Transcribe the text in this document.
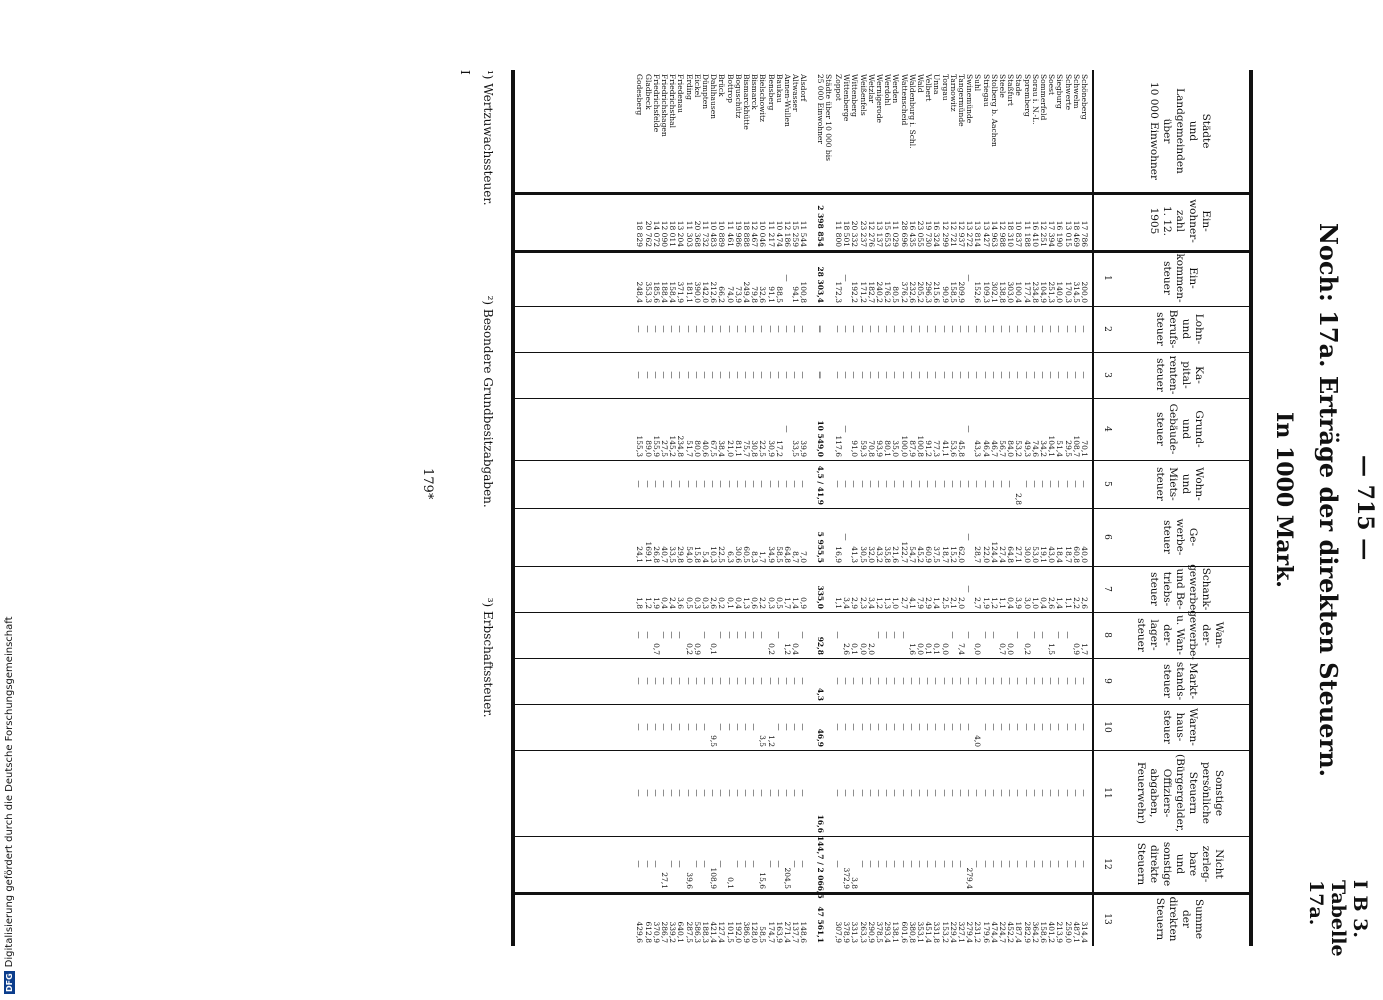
— 715 —
I B 3. Tabelle 17a.
Noch: 17a. Erträge der direkten Steuern.
In 1000 Mark.
Städte
und
Landgemeinden
über
10 000 Einwohner
Ein-
wohner-
zahl
1. 12. 1905
Ein-
kommen-
steuer
1
Lohn-
und
Berufs-
steuer
2
Ka-
pital-
renten-
steuer
3
Grund-
und
Gebäude-
steuer
4
Wohn-
und
Miets-
steuer
5
Ge-
werbe-
steuer
6
Schank-
gewerbe-
und Be-
triebs-
steuer
7
Wan-
der-
gewerbe-
u. Wan-
der-
lager-
steuer
8
Markt-
stands-
steuer
9
Waren-
haus-
steuer
10
Sonstige persönliche Steuern
(Bürgergelder, Offiziers-
abgaben, Feuerwehr)
11
Nicht
zerleg-
bare
und
sonstige
direkte
Steuern
12
Summe
der
direkten
Steuern
13
Schöneberg
17 786
200,0
—
—
70,1
—
40,0
2,6
1,7
—
—
—
—
314,4
Schwelm
18 469
314,5
—
—
108,7
—
60,8
2,2
0,9
—
—
—
—
487,1
Schwerte
13 015
170,3
—
—
29,5
—
18,7
1,1
—
—
—
—
—
259,0
Siegburg
16 190
140,0
—
—
51,4
—
18,4
1,4
—
—
—
—
—
213,9
Soest
17 394
251,3
—
—
104,1
—
43,0
2,6
1,5
—
—
—
—
401,2
Sommerfeld
12 251
104,9
—
—
34,2
—
19,1
0,4
—
—
—
—
—
158,6
Sorau i. N.-L.
16 410
234,8
—
—
74,6
—
53,0
1,0
—
—
—
—
—
364,2
Spremberg
11 188
177,4
—
—
49,3
—
30,0
3,0
0,2
—
—
—
—
282,9
Stade
10 837
100,4
—
—
53,2
2,8
27,1
3,9
—
—
—
—
—
187,4
Staßfurt
18 310
303,0
—
—
84,0
—
64,8
0,4
0,0
—
—
—
—
452,2
Steele
12 988
138,8
—
—
56,7
—
27,4
1,1
0,7
—
—
—
—
224,7
Stolberg b. Aachen
14 963
302,1
—
—
46,7
—
124,4
1,2
—
—
—
—
—
474,4
Striegau
13 427
109,3
—
—
46,4
—
22,0
1,9
—
—
—
—
—
179,6
Suhl
13 814
152,6
—
—
43,3
—
28,7
2,7
0,0
—
4,0
—
—
231,2
Swinemünde
13 272
—
—
—
—
—
—
—
—
—
—
—
279,4
279,4
Tangermünde
12 937
209,9
—
—
45,8
—
62,0
2,0
7,4
—
—
—
—
327,1
Tarnowitz
12 721
158,5
—
—
53,6
—
15,2
2,1
—
—
—
—
—
229,4
Torgau
12 299
90,9
—
—
41,1
—
18,7
2,5
0,0
—
—
—
—
153,2
Unna
16 324
215,6
—
—
77,3
—
37,5
1,4
0,1
—
—
—
—
331,8
Velbert
19 730
296,3
—
—
91,2
—
60,9
2,9
0,1
—
—
—
—
451,4
Wald
23 055
205,2
—
—
100,8
—
45,2
7,9
0,0
—
—
—
—
353,1
Waldenburg i. Schl.
16 435
232,6
—
—
87,9
—
54,7
4,1
1,6
—
—
—
—
380,8
Wattenscheid
28 696
376,2
—
—
100,0
—
122,7
2,7
—
—
—
—
—
601,6
Werden
11 029
80,5
—
—
35,0
—
21,6
1,0
—
—
—
—
—
138,1
Werdohl
15 653
176,2
—
—
80,1
—
35,8
1,3
—
—
—
—
—
293,4
Wernigerode
13 137
240,2
—
—
93,9
—
43,2
1,2
—
—
—
—
—
378,5
Wetzlar
12 276
182,7
—
—
70,8
—
32,0
3,4
2,0
—
—
—
—
290,9
Weißenfels
23 237
171,2
—
—
59,3
—
30,5
2,3
0,0
—
—
—
—
263,3
Wittenberg
20 332
192,2
—
—
91,0
—
41,3
2,9
0,1
—
—
—
3,8
331,3
Wittenberge
18 501
—
—
—
—
—
—
3,4
2,6
—
—
—
372,9
378,9
Zoppot
11 800
172,3
—
—
117,6
—
16,9
1,1
—
—
—
—
—
307,9
Städte über 10 000 bis
25 000 Einwohner
2 398 854
28 303,4
—
—
10 549,0
4,5 / 41,9
5 955,5
335,0
92,8
4,3
46,9
16,6
144,7 / 2 066,5
47 561,1
Alsdorf
11 544
100,8
—
—
39,9
—
7,0
0,9
—
—
—
—
—
148,6
Altwasser
15 259
94,1
—
—
33,5
—
8,7
1,4
0,4
—
—
—
—
137,7
Annen-Wullen
12 186
—
—
—
—
—
64,8
1,7
1,2
—
—
—
204,5
271,4
Baukau
10 474
88,5
—
—
17,2
—
58,5
0,5
—
—
—
—
—
163,9
Bensberg
11 217
91,1
—
—
30,9
—
34,9
0,3
0,2
—
1,2
—
—
174,7
Bielschowitz
10 046
32,6
—
—
22,5
—
1,7
2,2
—
—
3,5
—
15,6
58,5
Bismarck
12 467
79,8
—
—
30,8
—
8,3
0,6
—
—
—
—
—
128,0
Bismarckhütte
18 888
249,4
—
—
75,7
—
60,5
1,3
—
—
—
—
—
386,9
Boguschütz
19 986
73,9
—
—
81,1
—
30,6
0,4
—
—
—
—
—
192,0
Bottrop
11 461
74,0
—
—
21,0
—
6,3
0,1
—
—
—
—
0,1
101,5
Brück
10 889
66,2
—
—
38,4
—
22,5
0,2
—
—
—
—
—
127,4
Dahlhausen
10 483
212,6
—
—
67,5
—
10,3
2,6
0,1
—
9,5
—
108,9
421,4
Dümpten
11 732
142,0
—
—
40,6
—
5,4
0,3
—
—
—
—
—
188,3
Eickel
20 368
390,0
—
—
80,0
—
15,8
0,3
0,9
—
—
—
—
586,3
Erding
11 303
181,1
—
—
51,7
—
54,0
0,5
0,2
—
—
—
39,6
287,5
Friedenau
13 204
371,9
—
—
234,8
—
29,8
3,6
—
—
—
—
—
640,1
Friedrichsthal
18 011
158,4
—
—
145,2
—
33,5
2,4
—
—
—
—
—
339,2
Friedrichshagen
12 090
188,4
—
—
27,5
—
40,7
0,4
—
—
—
—
27,1
286,7
Friedrichsfelde
14 072
185,6
—
—
155,9
—
26,8
1,9
0,7
—
—
—
—
370,9
Gladbeck
20 762
353,3
—
—
89,0
—
169,1
1,2
—
—
—
—
—
612,8
Godesberg
18 829
248,4
—
—
155,3
—
24,1
1,8
—
—
—
—
—
429,6
¹) Wertzuwachssteuer.
²) Besondere Grundbesitzabgaben.
³) Erbschaftssteuer.
I
179*
DFGDigitalisierung gefördert durch die Deutsche Forschungsgemeinschaft
